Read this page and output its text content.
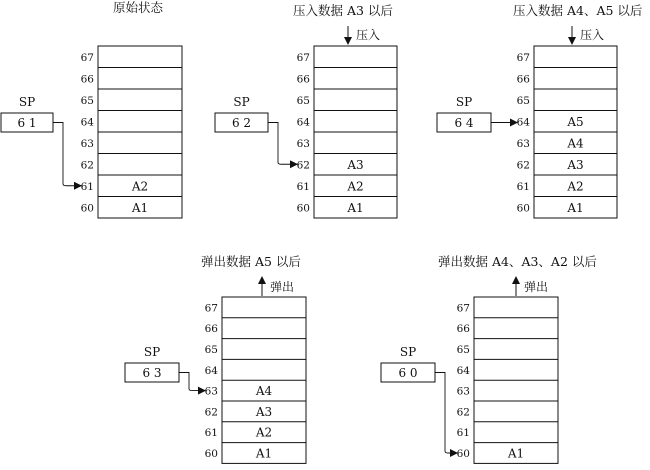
原始状态
67
66
65
64
63
62
61	A2
60	A1
SP
6 1
压入数据 A3 以后
压入
67
66
65
64
63
62	A3
61	A2
60	A1
SP
6 2
压入数据 A4、A5 以后
压入
67
66
65
64	A5
63	A4
62	A3
61	A2
60	A1
SP
6 4
弹出数据 A5 以后
弹出
67
66
65
64
63	A4
62	A3
61	A2
60	A1
SP
6 3
弹出数据 A4、A3、A2 以后
弹出
67
66
65
64
63
62
61
60	A1
SP
6 0
